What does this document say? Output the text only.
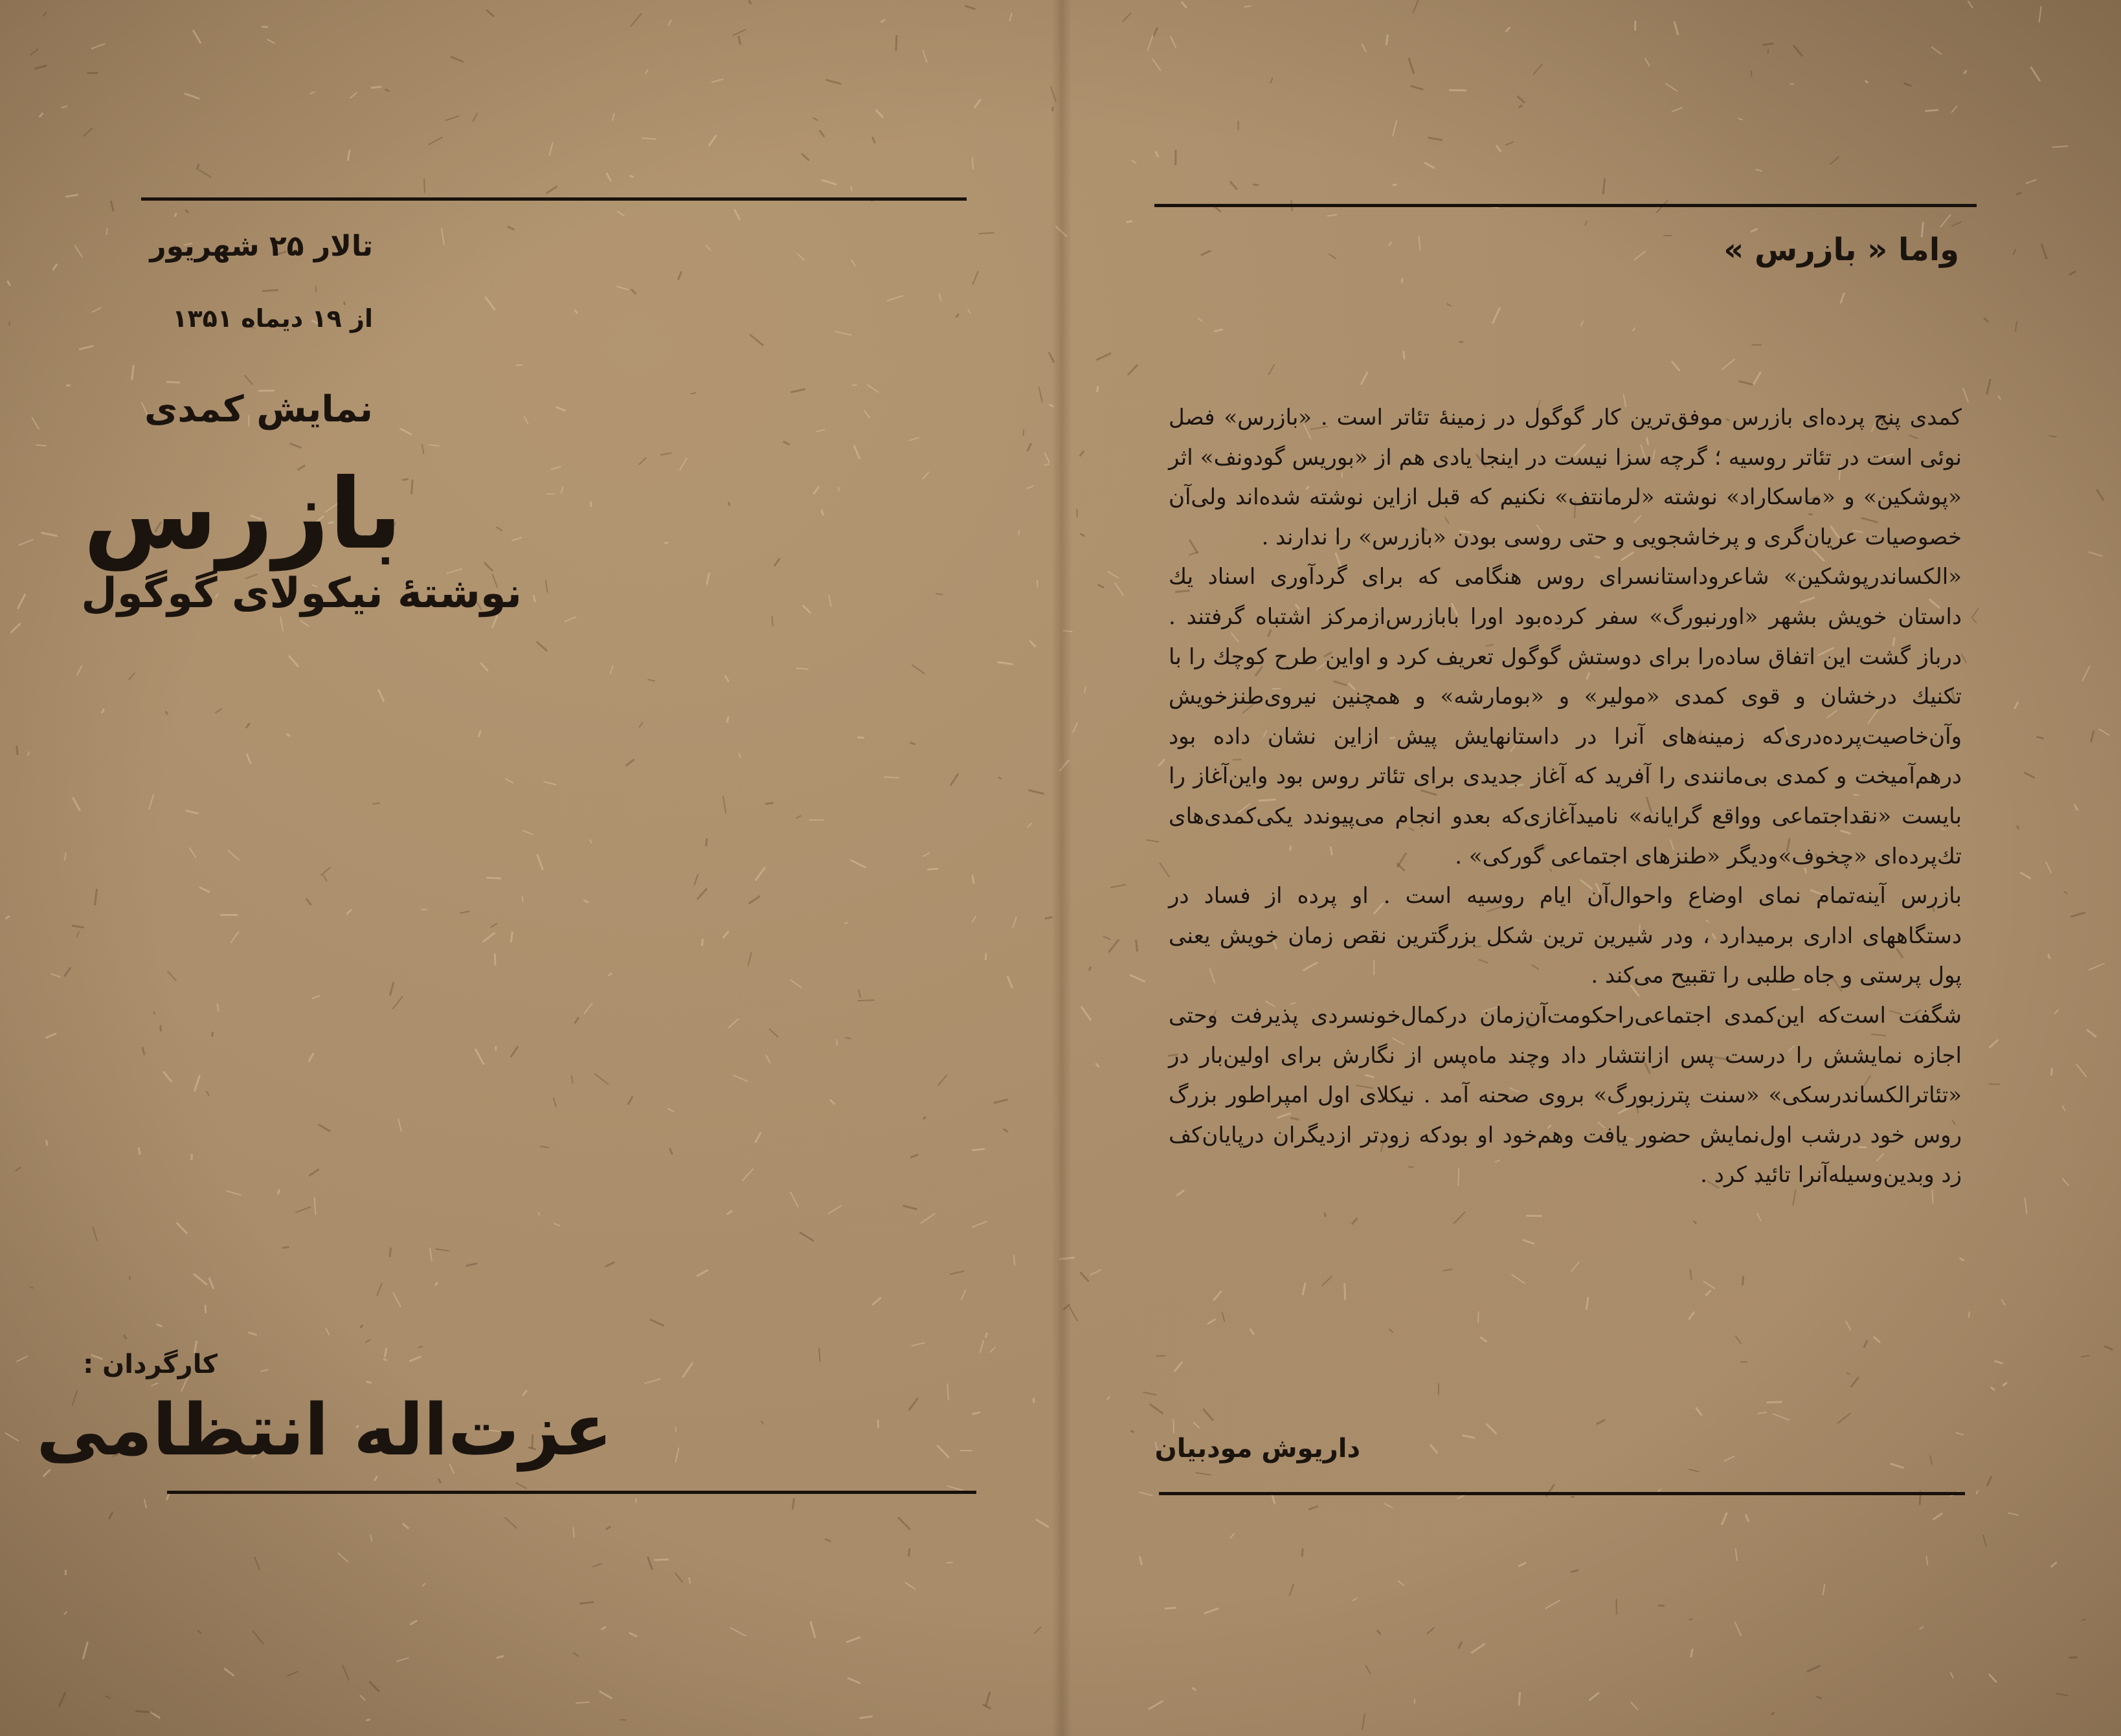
تالار ۲۵ شهریور
از ۱۹ دیماه ۱۳۵۱
نمایش کمدی
بازرس
نوشتهٔ نیکولای گوگول
کارگردان :
عزت‌اله انتظامی
واما « بازرس »

کمدی پنج پرده‌ای بازرس موفق‌ترین کار گوگول در زمینهٔ تئاتر است . «بازرس» فصل نوئی است در تئاتر روسیه ؛ گرچه سزا نیست در اینجا یادی هم از «بوریس گودونف» اثر «پوشکین» و «ماسکاراد» نوشته «لرمانتف» نکنیم که قبل ازاین نوشته شده‌اند ولی‌آن خصوصیات عریان‌گری و پرخاشجویی و حتی روسی بودن «بازرس» را ندارند .

«الکساندرپوشکین» شاعروداستانسرای روس هنگامی که برای گردآوری اسناد یك داستان خویش بشهر «اورنبورگ» سفر کرده‌بود اورا بابازرس‌ازمرکز اشتباه گرفتند . درباز گشت این اتفاق ساده‌را برای دوستش گوگول تعریف کرد و اواین طرح کوچك را با تکنیك درخشان و قوی کمدی «مولیر» و «بومارشه» و همچنین نیروی‌طنزخویش وآن‌خاصیت‌پرده‌دری‌که زمینه‌های آنرا در داستانهایش پیش ازاین نشان داده بود درهم‌آمیخت و کمدی بی‌مانندی را آفرید که آغاز جدیدی برای تئاتر روس بود واین‌آغاز را بایست «نقداجتماعی وواقع گرایانه» نامیدآغازی‌که بعدو انجام می‌پیوندد یکی‌کمدی‌های تك‌پرده‌ای «چخوف»ودیگر «طنزهای اجتماعی گورکی» .

بازرس آینه‌تمام نمای اوضاع واحوال‌آن ایام روسیه است . او پرده از فساد در دستگاههای اداری برمیدارد ، ودر شیرین ترین شکل بزرگترین نقص زمان خویش یعنی پول پرستی و جاه طلبی را تقبیح می‌کند .

شگفت است‌که این‌کمدی اجتماعی‌راحکومت‌آن‌زمان درکمال‌خونسردی پذیرفت وحتی اجازه نمایشش را درست پس ازانتشار داد وچند ماه‌پس از نگارش برای اولین‌بار در «تئاترالکساندرسکی» «سنت پترزبورگ» بروی صحنه آمد . نیکلای اول امپراطور بزرگ روس خود درشب اول‌نمایش حضور یافت وهم‌خود او بودکه زودتر ازدیگران درپایان‌کف زد وبدین‌وسیله‌آنرا تائید کرد .

داریوش مودبیان
